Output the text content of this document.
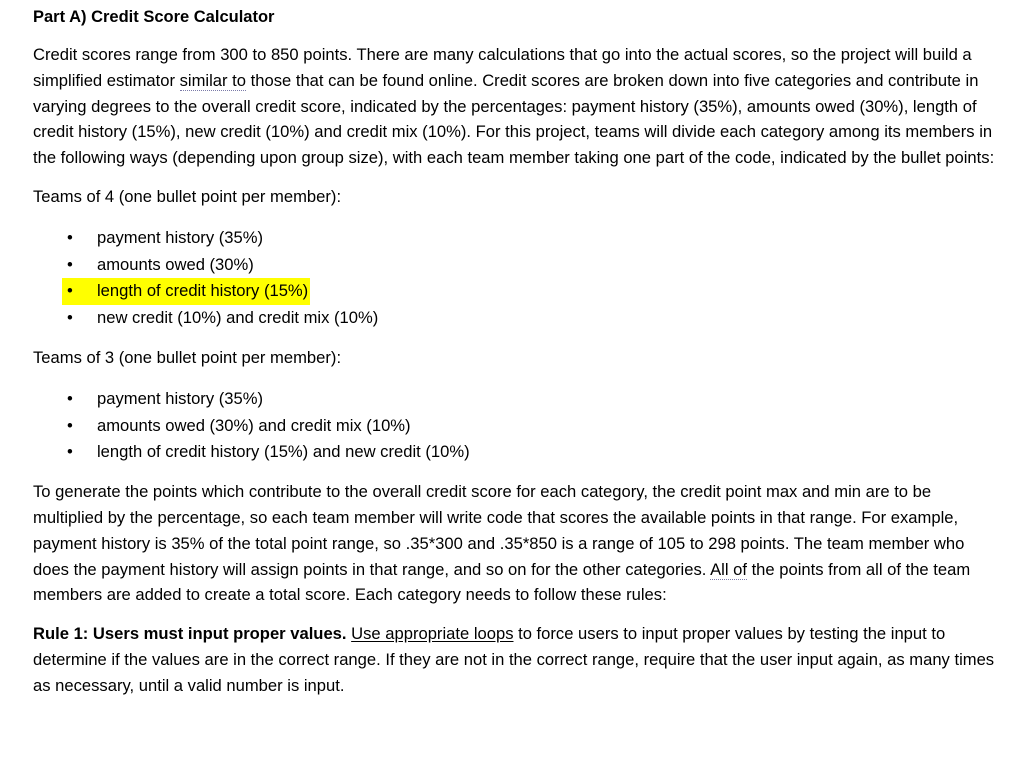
Part A) Credit Score Calculator

Credit scores range from 300 to 850 points. There are many calculations that go into the actual scores, so the project will build a simplified estimator similar to those that can be found online. Credit scores are broken down into five categories and contribute in varying degrees to the overall credit score, indicated by the percentages: payment history (35%), amounts owed (30%), length of credit history (15%), new credit (10%) and credit mix (10%). For this project, teams will divide each category among its members in the following ways (depending upon group size), with each team member taking one part of the code, indicated by the bullet points:

Teams of 4 (one bullet point per member):

• payment history (35%)
• amounts owed (30%)
• length of credit history (15%)
• new credit (10%) and credit mix (10%)

Teams of 3 (one bullet point per member):

• payment history (35%)
• amounts owed (30%) and credit mix (10%)
• length of credit history (15%) and new credit (10%)

To generate the points which contribute to the overall credit score for each category, the credit point max and min are to be multiplied by the percentage, so each team member will write code that scores the available points in that range. For example, payment history is 35% of the total point range, so .35*300 and .35*850 is a range of 105 to 298 points. The team member who does the payment history will assign points in that range, and so on for the other categories. All of the points from all of the team members are added to create a total score. Each category needs to follow these rules:

Rule 1: Users must input proper values. Use appropriate loops to force users to input proper values by testing the input to determine if the values are in the correct range. If they are not in the correct range, require that the user input again, as many times as necessary, until a valid number is input.
